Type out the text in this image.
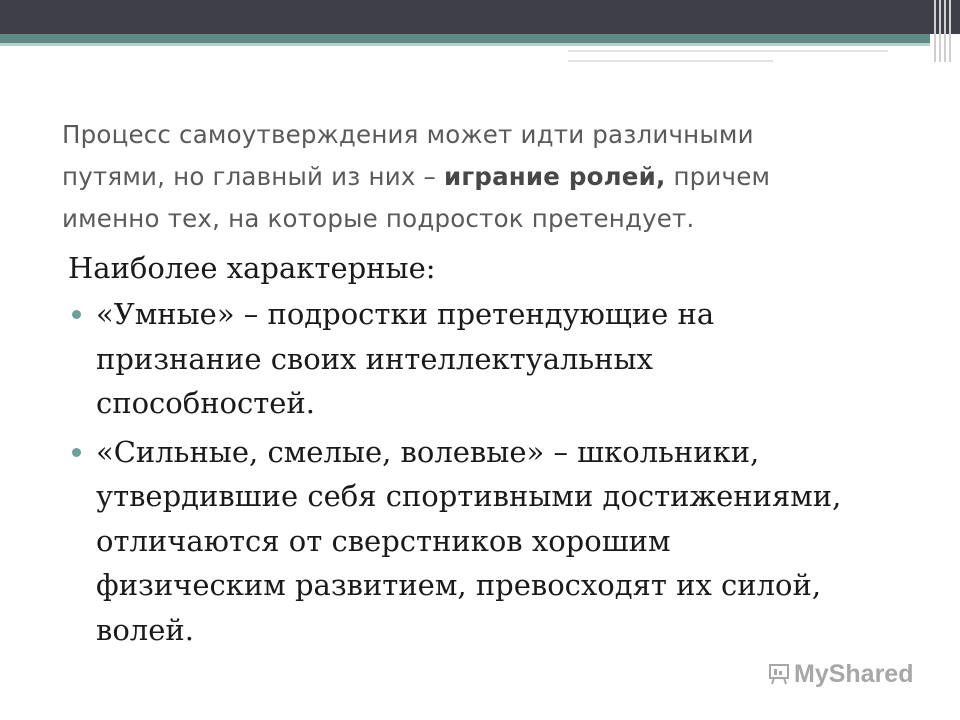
Процесс самоутверждения может идти различными путями, но главный из них – играние ролей, причем именно тех, на которые подросток претендует.

Наиболее характерные:
«Умные» – подростки претендующие на признание своих интеллектуальных способностей.
«Сильные, смелые, волевые» – школьники, утвердившие себя спортивными достижениями, отличаются от сверстников хорошим физическим развитием, превосходят их силой, волей.
MyShared
